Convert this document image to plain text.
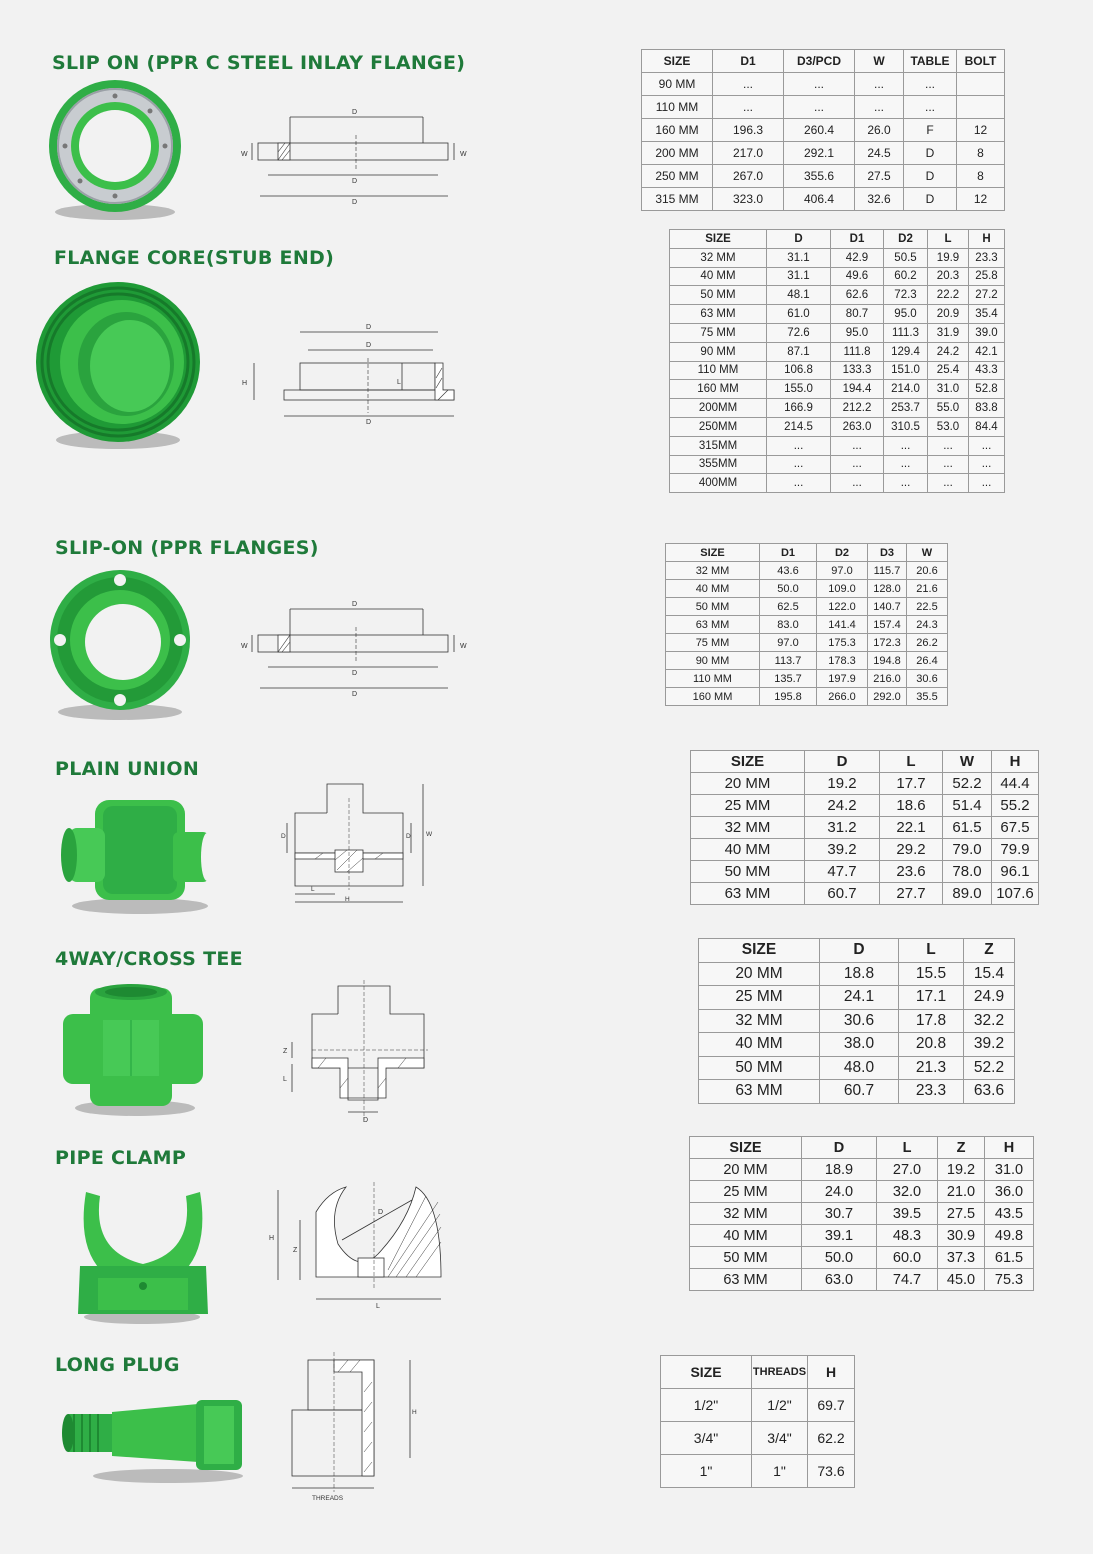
SLIP ON (PPR C STEEL INLAY FLANGE)
D
D
D
W	W
SIZE	D1	D3/PCD	W	TABLE	BOLT
90 MM	...	...	...	...	
110 MM	...	...	...	...	
160 MM	196.3	260.4	26.0	F	12
200 MM	217.0	292.1	24.5	D	8
250 MM	267.0	355.6	27.5	D	8
315 MM	323.0	406.4	32.6	D	12
FLANGE CORE(STUB END)
D
D
D
H	L
SIZE	D	D1	D2	L	H
32 MM	31.1	42.9	50.5	19.9	23.3
40 MM	31.1	49.6	60.2	20.3	25.8
50 MM	48.1	62.6	72.3	22.2	27.2
63 MM	61.0	80.7	95.0	20.9	35.4
75 MM	72.6	95.0	111.3	31.9	39.0
90 MM	87.1	111.8	129.4	24.2	42.1
110 MM	106.8	133.3	151.0	25.4	43.3
160 MM	155.0	194.4	214.0	31.0	52.8
200MM	166.9	212.2	253.7	55.0	83.8
250MM	214.5	263.0	310.5	53.0	84.4
315MM	...	...	...	...	...
355MM	...	...	...	...	...
400MM	...	...	...	...	...
SLIP-ON (PPR FLANGES)
D
D
D
W	W
SIZE	D1	D2	D3	W
32 MM	43.6	97.0	115.7	20.6
40 MM	50.0	109.0	128.0	21.6
50 MM	62.5	122.0	140.7	22.5
63 MM	83.0	141.4	157.4	24.3
75 MM	97.0	175.3	172.3	26.2
90 MM	113.7	178.3	194.8	26.4
110 MM	135.7	197.9	216.0	30.6
160 MM	195.8	266.0	292.0	35.5
PLAIN UNION
D	D W
L
H
SIZE	D	L	W	H
20 MM	19.2	17.7	52.2	44.4
25 MM	24.2	18.6	51.4	55.2
32 MM	31.2	22.1	61.5	67.5
40 MM	39.2	29.2	79.0	79.9
50 MM	47.7	23.6	78.0	96.1
63 MM	60.7	27.7	89.0	107.6
4WAY/CROSS TEE
Z
L
D
SIZE	D	L	Z
20 MM	18.8	15.5	15.4
25 MM	24.1	17.1	24.9
32 MM	30.6	17.8	32.2
40 MM	38.0	20.8	39.2
50 MM	48.0	21.3	52.2
63 MM	60.7	23.3	63.6
PIPE CLAMP
D
H
Z
L
SIZE	D	L	Z	H
20 MM	18.9	27.0	19.2	31.0
25 MM	24.0	32.0	21.0	36.0
32 MM	30.7	39.5	27.5	43.5
40 MM	39.1	48.3	30.9	49.8
50 MM	50.0	60.0	37.3	61.5
63 MM	63.0	74.7	45.0	75.3
LONG PLUG
H
THREADS
SIZE	THREADS	H
1/2"	1/2"	69.7
3/4"	3/4"	62.2
1"	1"	73.6
